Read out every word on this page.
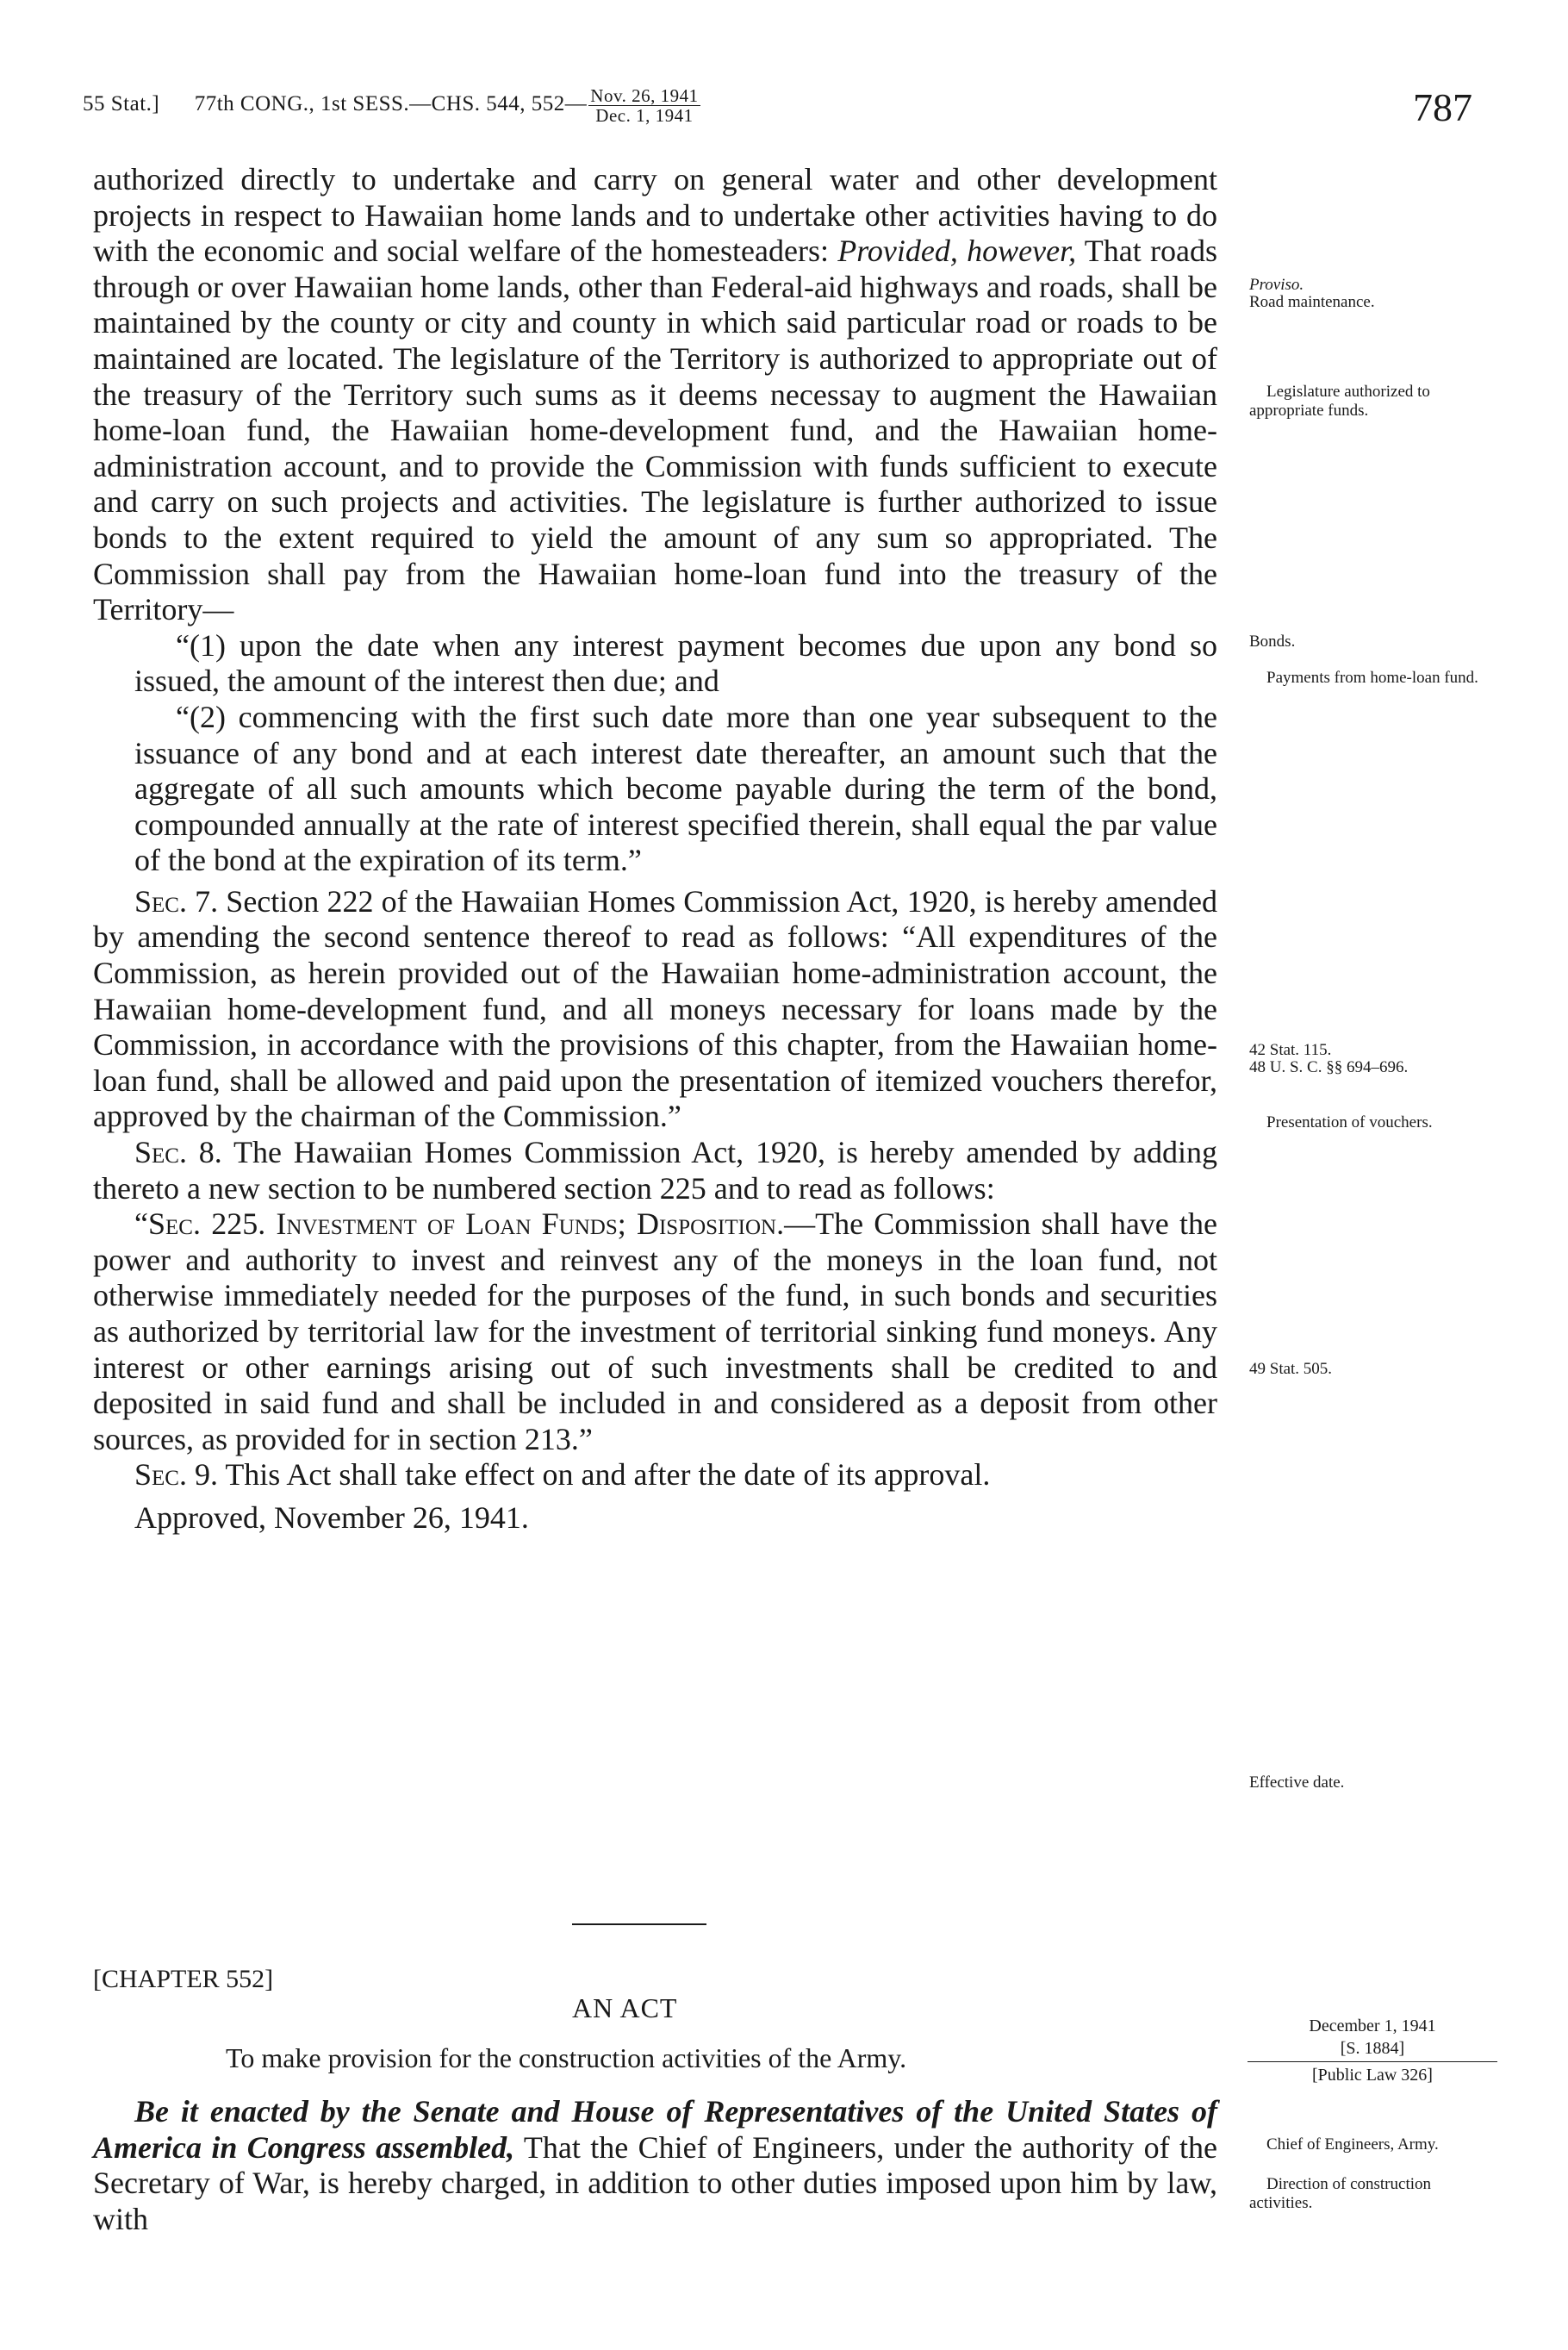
55 Stat.] 77th CONG., 1st SESS.—CHS. 544, 552— $\frac{\text{Nov. 26, 1941}}{\text{Dec. 1, 1941}}$	787

authorized directly to undertake and carry on general water and other development projects in respect to Hawaiian home lands and to undertake other activities having to do with the economic and social welfare of the homesteaders: Provided, however, That roads through or over Hawaiian home lands, other than Federal-aid highways and roads, shall be maintained by the county or city and county in which said particular road or roads to be maintained are located. The legislature of the Territory is authorized to appropriate out of the treasury of the Territory such sums as it deems necessay to augment the Hawaiian home-loan fund, the Hawaiian home-development fund, and the Hawaiian home-administration account, and to provide the Commission with funds sufficient to execute and carry on such projects and activities. The legislature is further authorized to issue bonds to the extent required to yield the amount of any sum so appropriated. The Commission shall pay from the Hawaiian home-loan fund into the treasury of the Territory—

“(1) upon the date when any interest payment becomes due upon any bond so issued, the amount of the interest then due; and

“(2) commencing with the first such date more than one year subsequent to the issuance of any bond and at each interest date thereafter, an amount such that the aggregate of all such amounts which become payable during the term of the bond, compounded annually at the rate of interest specified therein, shall equal the par value of the bond at the expiration of its term.”

Sec. 7. Section 222 of the Hawaiian Homes Commission Act, 1920, is hereby amended by amending the second sentence thereof to read as follows: “All expenditures of the Commission, as herein provided out of the Hawaiian home-administration account, the Hawaiian home-development fund, and all moneys necessary for loans made by the Commission, in accordance with the provisions of this chapter, from the Hawaiian home-loan fund, shall be allowed and paid upon the presentation of itemized vouchers therefor, approved by the chairman of the Commission.”

Sec. 8. The Hawaiian Homes Commission Act, 1920, is hereby amended by adding thereto a new section to be numbered section 225 and to read as follows:

“Sec. 225. Investment of Loan Funds; Disposition.—The Commission shall have the power and authority to invest and reinvest any of the moneys in the loan fund, not otherwise immediately needed for the purposes of the fund, in such bonds and securities as authorized by territorial law for the investment of territorial sinking fund moneys. Any interest or other earnings arising out of such investments shall be credited to and deposited in said fund and shall be included in and considered as a deposit from other sources, as provided for in section 213.”

Sec. 9. This Act shall take effect on and after the date of its approval.

Approved, November 26, 1941.

Proviso.
Road maintenance.
Legislature authorized to appropriate funds.
Bonds.
Payments from home-loan fund.
42 Stat. 115.
48 U. S. C. §§ 694–696.
Presentation of vouchers.
49 Stat. 505.
Effective date.
[CHAPTER 552]
AN ACT
To make provision for the construction activities of the Army.
December 1, 1941
[S. 1884]
[Public Law 326]

Be it enacted by the Senate and House of Representatives of the United States of America in Congress assembled, That the Chief of Engineers, under the authority of the Secretary of War, is hereby charged, in addition to other duties imposed upon him by law, with

Chief of Engineers, Army.
Direction of construction activities.
